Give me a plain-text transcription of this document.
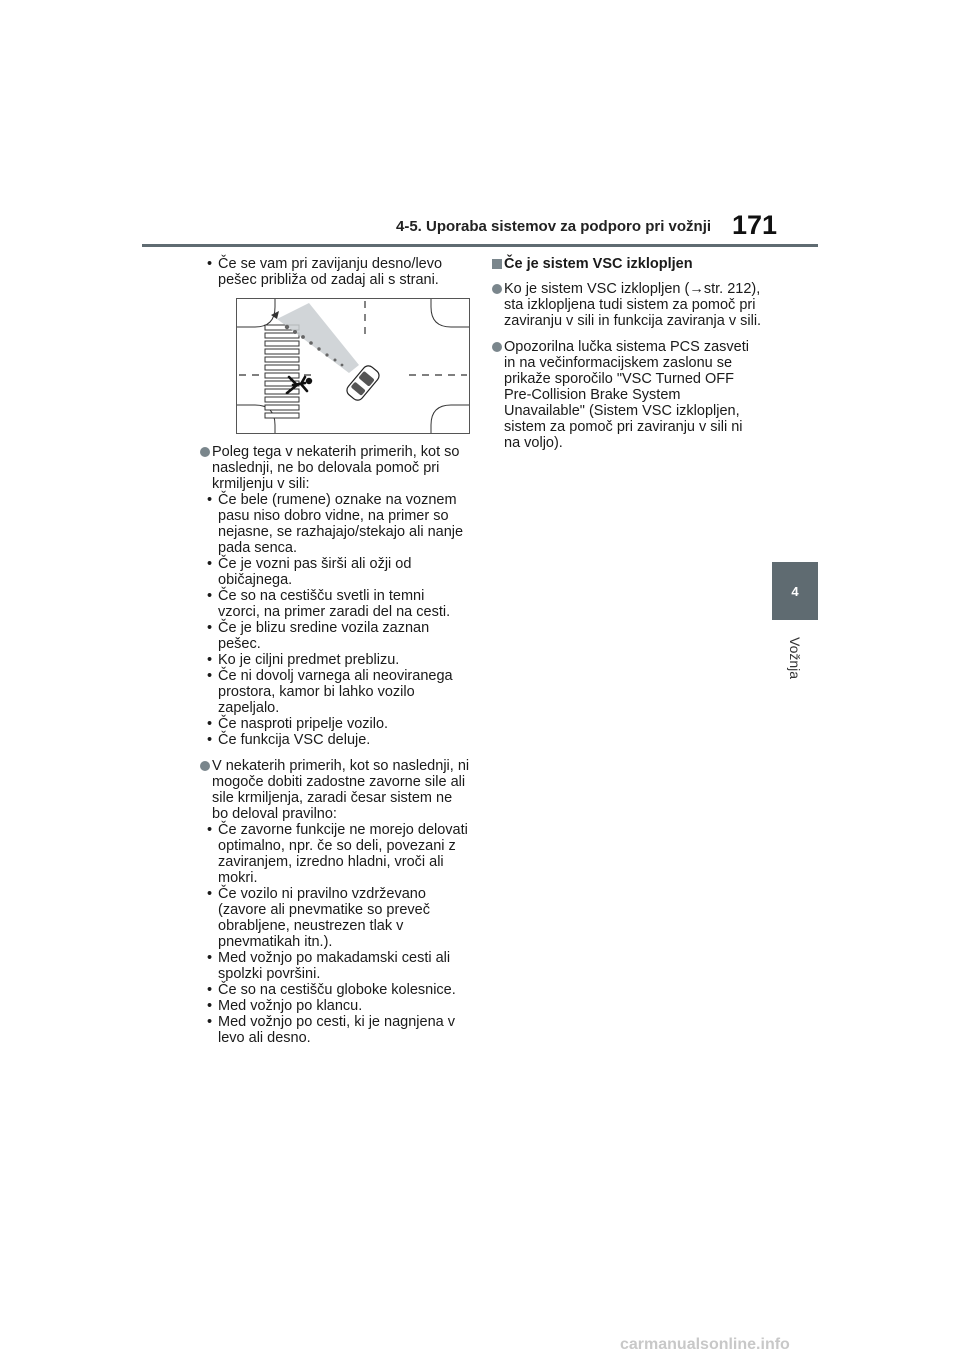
4-5. Uporaba sistemov za podporo pri vožnji 171
4
Vožnja

• Če se vam pri zavijanju desno/levo pešec približa od zadaj ali s strani.

Poleg tega v nekaterih primerih, kot so naslednji, ne bo delovala pomoč pri krmiljenju v sili:

• Če bele (rumene) oznake na voznem pasu niso dobro vidne, na primer so nejasne, se razhajajo/stekajo ali nanje pada senca.

• Če je vozni pas širši ali ožji od običajnega.

• Če so na cestišču svetli in temni vzorci, na primer zaradi del na cesti.

• Če je blizu sredine vozila zaznan pešec.

• Ko je ciljni predmet preblizu.

• Če ni dovolj varnega ali neoviranega prostora, kamor bi lahko vozilo zapeljalo.

• Če nasproti pripelje vozilo.

• Če funkcija VSC deluje.

V nekaterih primerih, kot so naslednji, ni mogoče dobiti zadostne zavorne sile ali sile krmiljenja, zaradi česar sistem ne bo deloval pravilno:

• Če zavorne funkcije ne morejo delovati optimalno, npr. če so deli, povezani z zaviranjem, izredno hladni, vroči ali mokri.

• Če vozilo ni pravilno vzdrževano (zavore ali pnevmatike so preveč obrabljene, neustrezen tlak v pnevmatikah itn.).

• Med vožnjo po makadamski cesti ali spolzki površini.

• Če so na cestišču globoke kolesnice.

• Med vožnjo po klancu.

• Med vožnjo po cesti, ki je nagnjena v levo ali desno.

Če je sistem VSC izklopljen

Ko je sistem VSC izklopljen (→str. 212), sta izklopljena tudi sistem za pomoč pri zaviranju v sili in funkcija zaviranja v sili.

Opozorilna lučka sistema PCS zasveti in na večinformacijskem zaslonu se prikaže sporočilo "VSC Turned OFF Pre-Collision Brake System Unavailable" (Sistem VSC izklopljen, sistem za pomoč pri zaviranju v sili ni na voljo).

carmanualsonline.info
